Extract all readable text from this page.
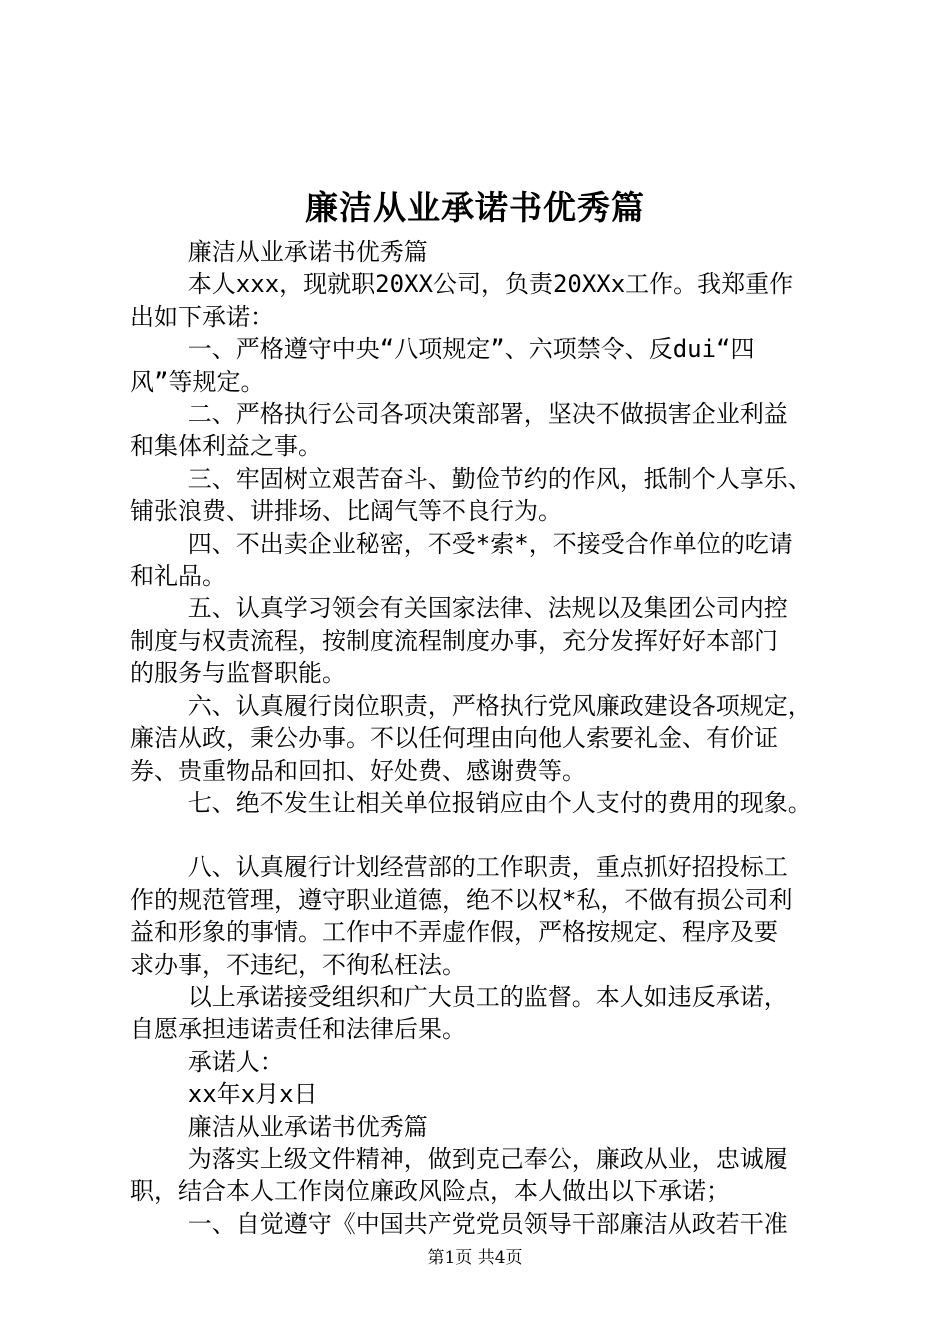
廉洁从业承诺书优秀篇

廉洁从业承诺书优秀篇

本人xxx，现就职20XX公司，负责20XXx工作。我郑重作

出如下承诺：

一、严格遵守中央“八项规定”、六项禁令、反dui“四

风”等规定。

二、严格执行公司各项决策部署，坚决不做损害企业利益

和集体利益之事。

三、牢固树立艰苦奋斗、勤俭节约的作风，抵制个人享乐、

铺张浪费、讲排场、比阔气等不良行为。

四、不出卖企业秘密，不受*索*，不接受合作单位的吃请

和礼品。

五、认真学习领会有关国家法律、法规以及集团公司内控

制度与权责流程，按制度流程制度办事，充分发挥好好本部门

的服务与监督职能。

六、认真履行岗位职责，严格执行党风廉政建设各项规定，

廉洁从政，秉公办事。不以任何理由向他人索要礼金、有价证

券、贵重物品和回扣、好处费、感谢费等。

七、绝不发生让相关单位报销应由个人支付的费用的现象。

八、认真履行计划经营部的工作职责，重点抓好招投标工

作的规范管理，遵守职业道德，绝不以权*私，不做有损公司利

益和形象的事情。工作中不弄虚作假，严格按规定、程序及要

求办事，不违纪，不徇私枉法。

以上承诺接受组织和广大员工的监督。本人如违反承诺，

自愿承担违诺责任和法律后果。

承诺人：

xx年x月x日

廉洁从业承诺书优秀篇

为落实上级文件精神，做到克己奉公，廉政从业，忠诚履

职，结合本人工作岗位廉政风险点，本人做出以下承诺；

一、自觉遵守《中国共产党党员领导干部廉洁从政若干准

第1页 共4页
